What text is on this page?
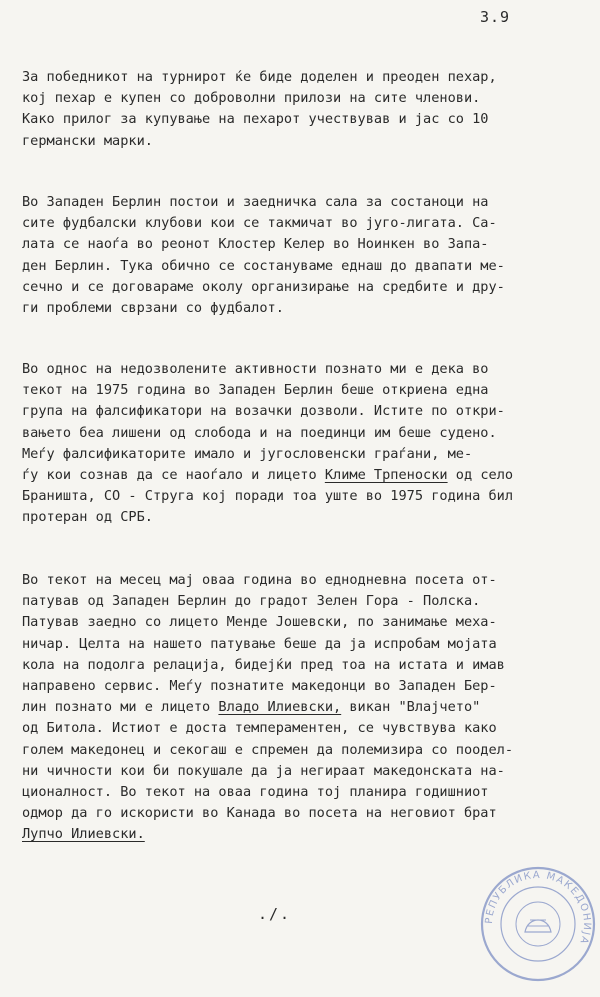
3.9
За победникот на турнирот ќе биде доделен и преоден пехар,
кој пехар е купен со доброволни прилози на сите членови.
Како прилог за купување на пехарот учествував и јас со 10
германски марки.
Во Западен Берлин постои и заедничка сала за состаноци на
сите фудбалски клубови кои се такмичат во југо-лигата. Са-
лата се наоѓа во реонот Клостер Келер во Ноинкен во Запа-
ден Берлин. Тука обично се состануваме еднаш до двапати ме-
сечно и се договараме околу организирање на средбите и дру-
ги проблеми сврзани со фудбалот.
Во однос на недозволените активности познато ми е дека во
текот на 1975 година во Западен Берлин беше откриена една
група на фалсификатори на возачки дозволи. Истите по откри-
вањето беа лишени од слобода и на поединци им беше судено.
Меѓу фалсификаторите имало и југословенски граѓани, ме-
ѓу кои сознав да се наоѓало и лицето Климе Трпеноски од село
Браништа, СО - Струга кој поради тоа уште во 1975 година бил
протеран од СРБ.
Во текот на месец мај оваа година во еднодневна посета от-
патував од Западен Берлин до градот Зелен Гора - Полска.
Патував заедно со лицето Менде Јошевски, по занимање меха-
ничар. Целта на нашето патување беше да ја испробам мојата
кола на подолга релација, бидејќи пред тоа на истата и имав
направено сервис. Меѓу познатите македонци во Западен Бер-
лин познато ми е лицето Владо Илиевски, викан "Влајчето"
од Битола. Истиот е доста темпераментен, се чувствува како
голем македонец и секогаш е спремен да полемизира со поодел-
ни чичности кои би покушале да ја негираат македонската на-
ционалност. Во текот на оваа година тој планира годишниот
одмор да го искористи во Канада во посета на неговиот брат
Лупчо Илиевски.
./.	РЕПУБЛИКА МАКЕДОНИЈА
